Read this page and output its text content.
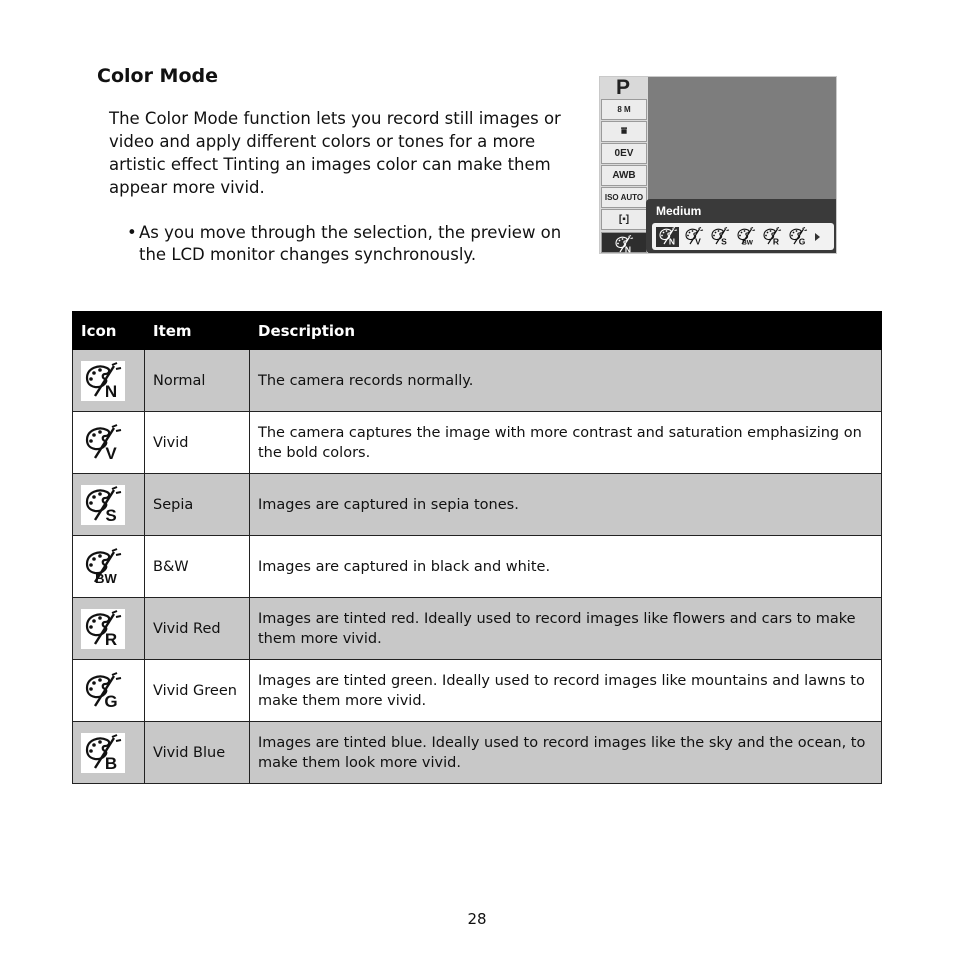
Color Mode
The Color Mode function lets you record still images or video and apply different colors or tones for a more artistic effect Tinting an images color can make them appear more vivid.
• As you move through the selection, the preview on the LCD monitor changes synchronously.
P
8 M
⩸
0EV
AWB
ISO AUTO
[▪]
N
Medium
N V S BW R G
Icon	Item	Description

N	Normal	The camera records normally.

V	Vivid	The camera captures the image with more contrast and saturation emphasizing on the bold colors.

S	Sepia	Images are captured in sepia tones.

BW	B&W	Images are captured in black and white.

R	Vivid Red	Images are tinted red. Ideally used to record images like flowers and cars to make them more vivid.

G	Vivid Green	Images are tinted green. Ideally used to record images like mountains and lawns to make them more vivid.

B	Vivid Blue	Images are tinted blue. Ideally used to record images like the sky and the ocean, to make them look more vivid.
28
